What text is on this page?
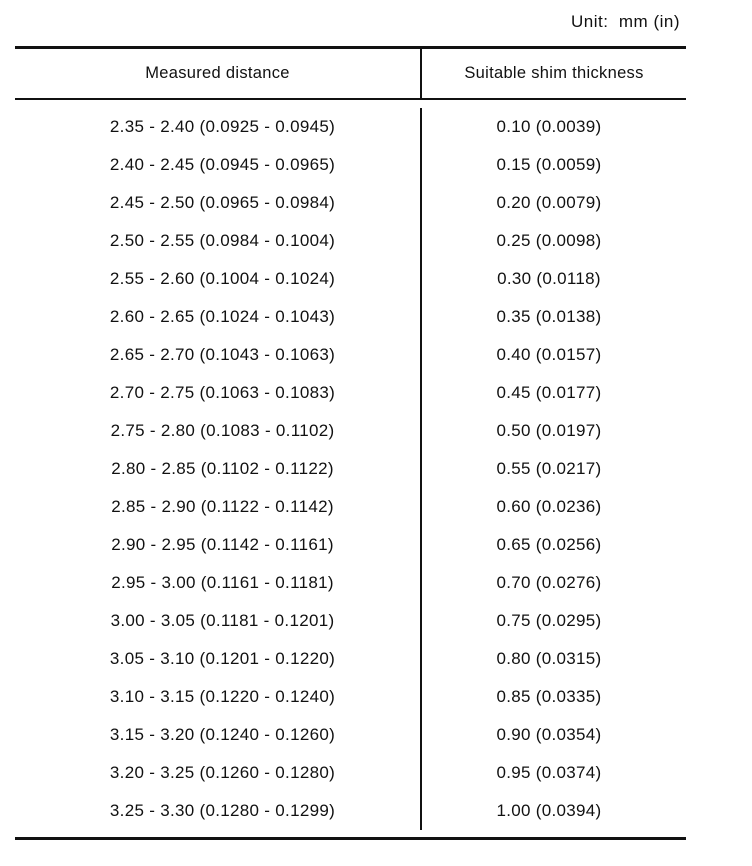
Unit:  mm (in)
Measured distance	Suitable shim thickness
2.35 - 2.40 (0.0925 - 0.0945)
2.40 - 2.45 (0.0945 - 0.0965)
2.45 - 2.50 (0.0965 - 0.0984)
2.50 - 2.55 (0.0984 - 0.1004)
2.55 - 2.60 (0.1004 - 0.1024)
2.60 - 2.65 (0.1024 - 0.1043)
2.65 - 2.70 (0.1043 - 0.1063)
2.70 - 2.75 (0.1063 - 0.1083)
2.75 - 2.80 (0.1083 - 0.1102)
2.80 - 2.85 (0.1102 - 0.1122)
2.85 - 2.90 (0.1122 - 0.1142)
2.90 - 2.95 (0.1142 - 0.1161)
2.95 - 3.00 (0.1161 - 0.1181)
3.00 - 3.05 (0.1181 - 0.1201)
3.05 - 3.10 (0.1201 - 0.1220)
3.10 - 3.15 (0.1220 - 0.1240)
3.15 - 3.20 (0.1240 - 0.1260)
3.20 - 3.25 (0.1260 - 0.1280)
3.25 - 3.30 (0.1280 - 0.1299)
0.10 (0.0039)
0.15 (0.0059)
0.20 (0.0079)
0.25 (0.0098)
0.30 (0.0118)
0.35 (0.0138)
0.40 (0.0157)
0.45 (0.0177)
0.50 (0.0197)
0.55 (0.0217)
0.60 (0.0236)
0.65 (0.0256)
0.70 (0.0276)
0.75 (0.0295)
0.80 (0.0315)
0.85 (0.0335)
0.90 (0.0354)
0.95 (0.0374)
1.00 (0.0394)
